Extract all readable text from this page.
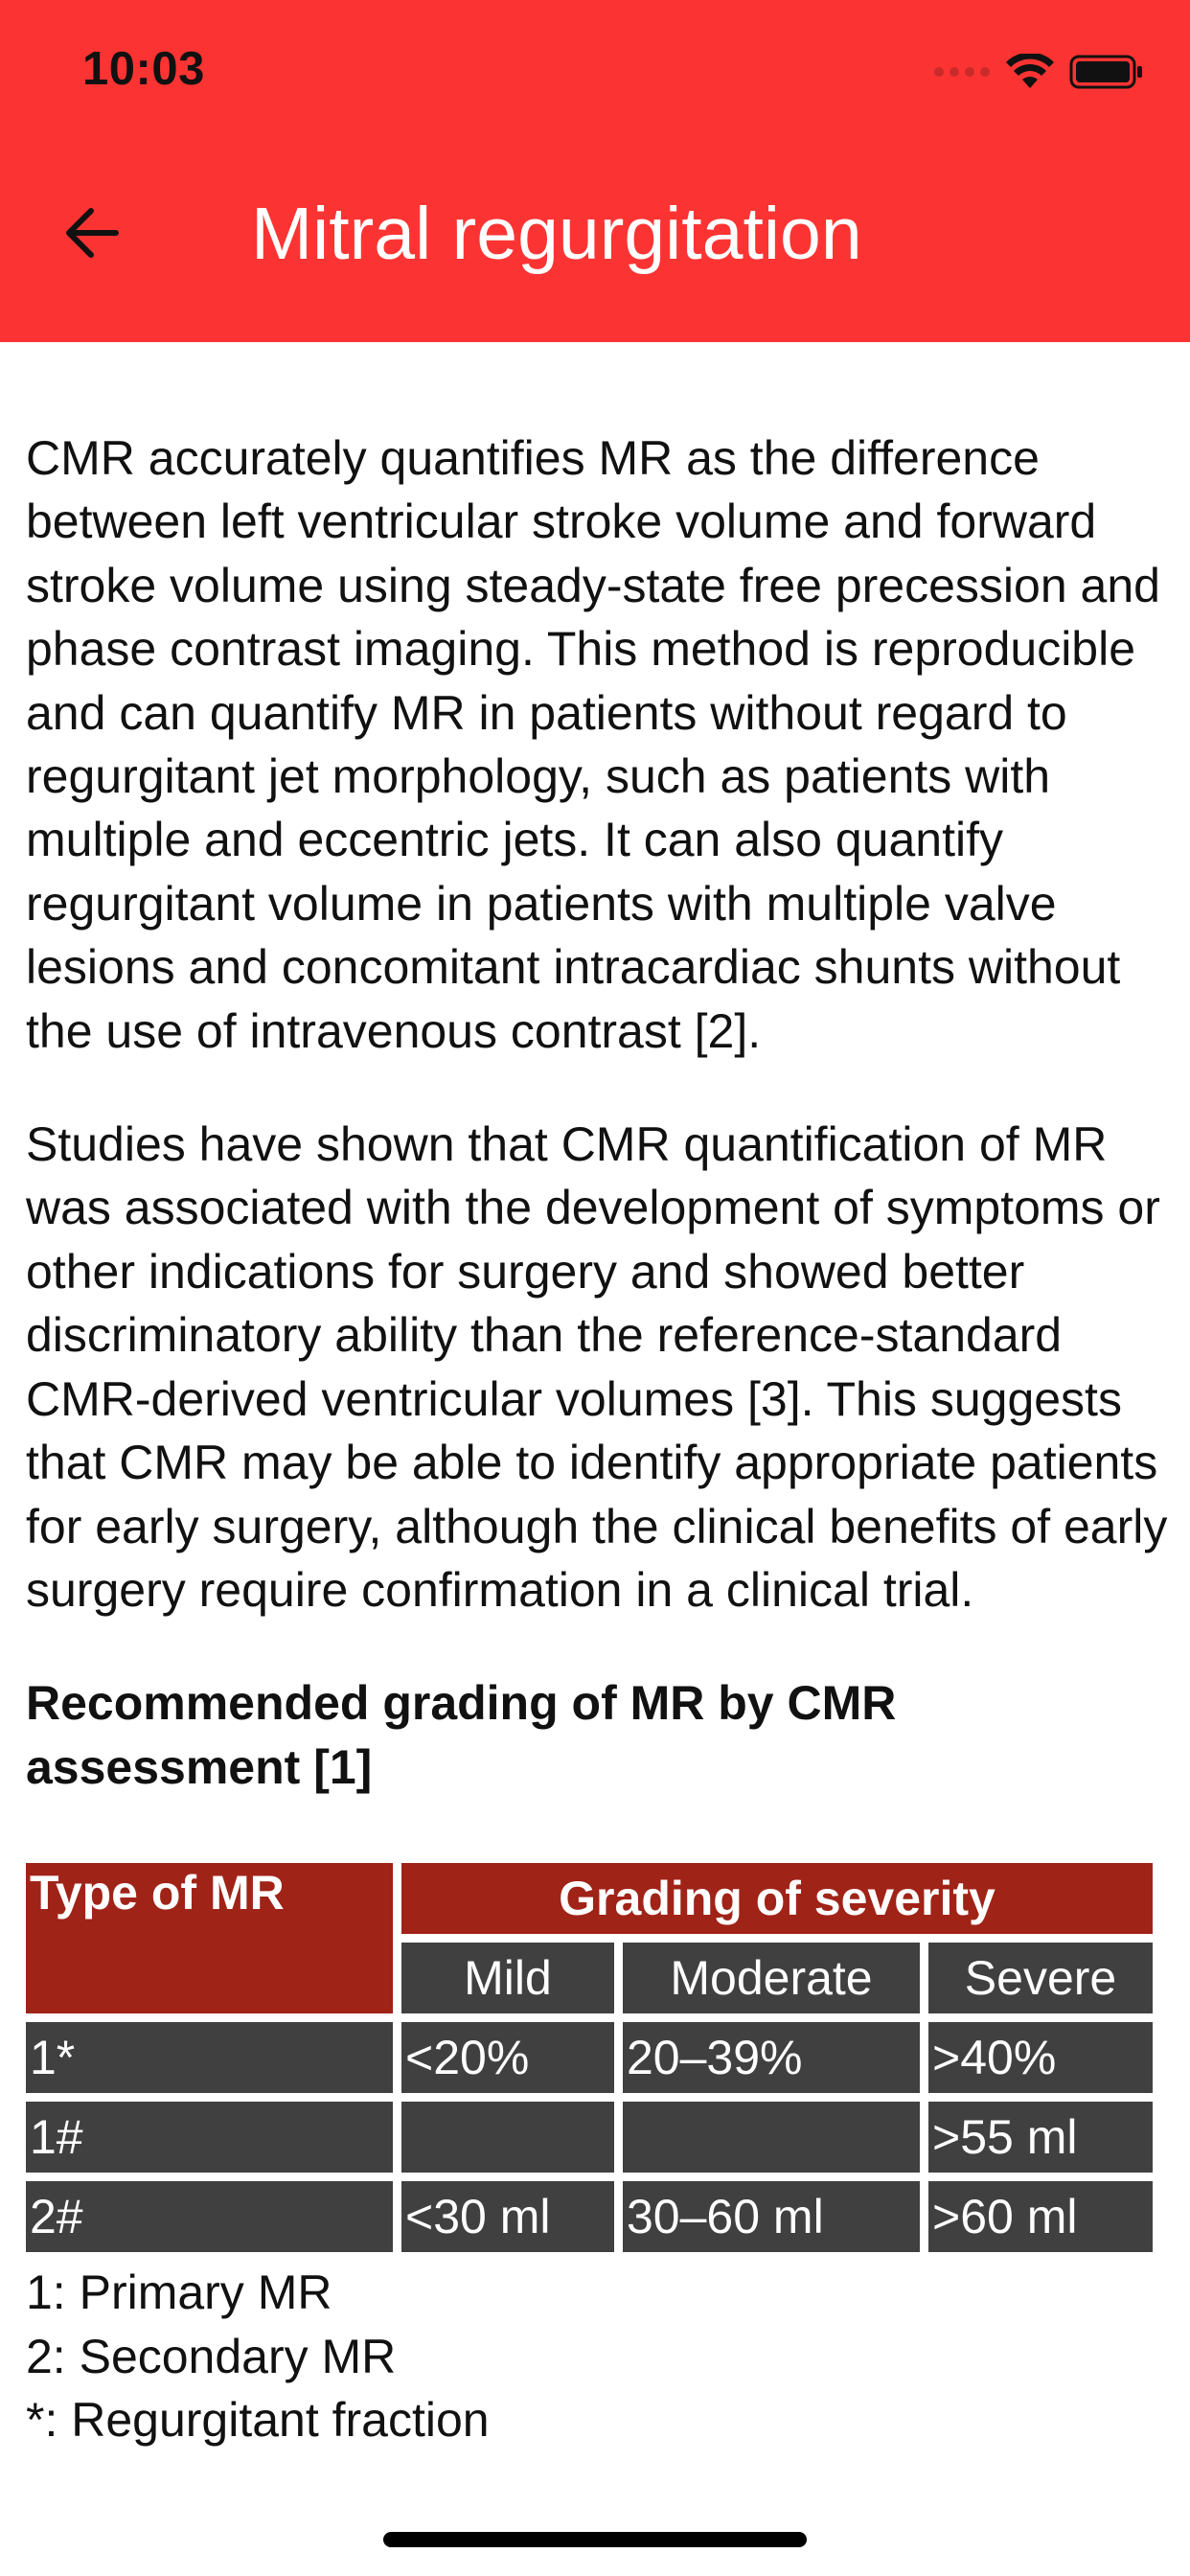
10:03
Mitral regurgitation

CMR accurately quantifies MR as the difference between left ventricular stroke volume and forward stroke volume using steady-state free precession and phase contrast imaging. This method is reproducible and can quantify MR in patients without regard to regurgitant jet morphology, such as patients with multiple and eccentric jets. It can also quantify regurgitant volume in patients with multiple valve lesions and concomitant intracardiac shunts without the use of intravenous contrast [2].

Studies have shown that CMR quantification of MR was associated with the development of symptoms or other indications for surgery and showed better discriminatory ability than the reference-standard CMR-derived ventricular volumes [3]. This suggests that CMR may be able to identify appropriate patients for early surgery, although the clinical benefits of early surgery require confirmation in a clinical trial.

Recommended grading of MR by CMR assessment [1]

Type of MR	Grading of severity		
	Mild	Moderate	Severe
1*	<20%	20–39%	>40%
1#			>55 ml
2#	<30 ml	30–60 ml	>60 ml
1: Primary MR
2: Secondary MR
*: Regurgitant fraction
